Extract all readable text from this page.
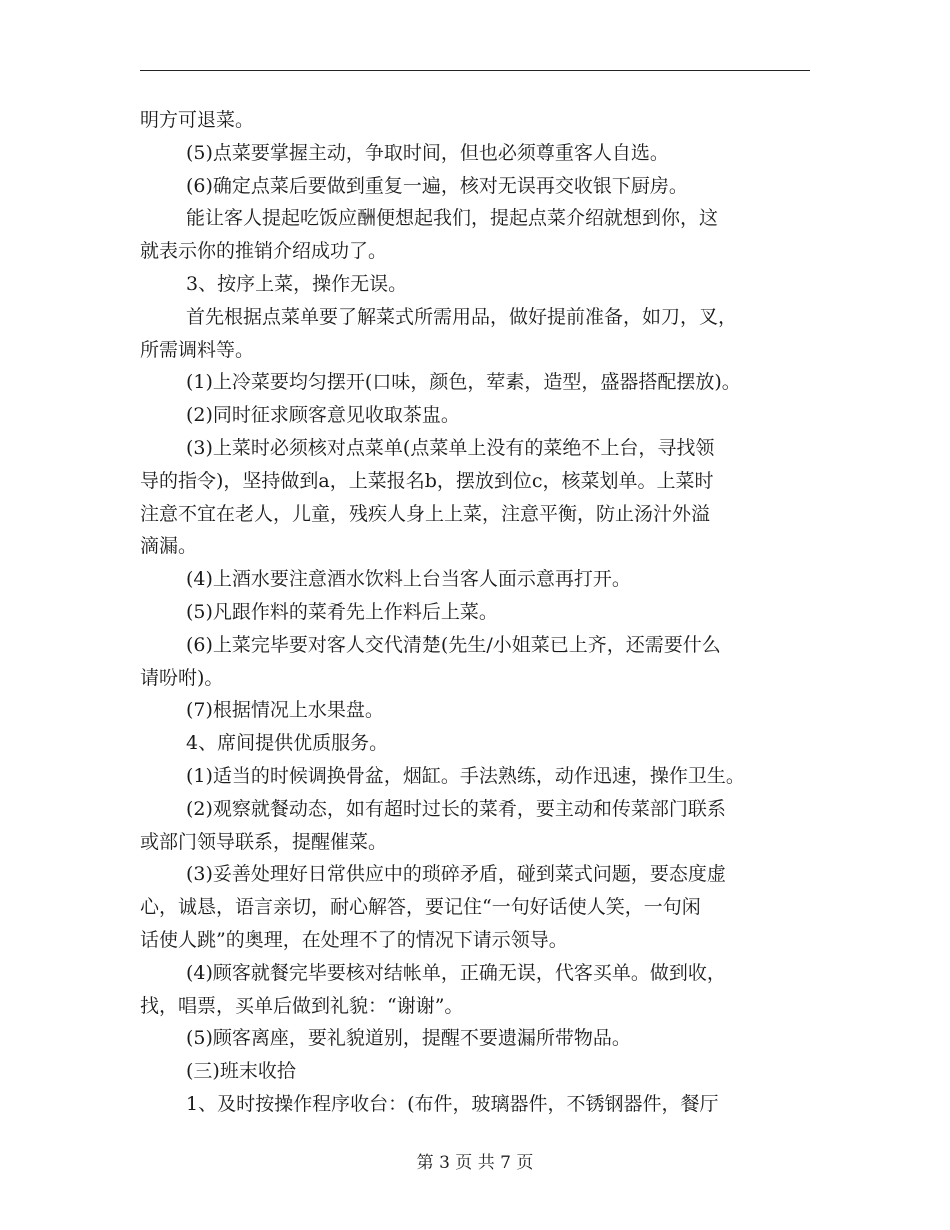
明方可退菜。
(5)点菜要掌握主动，争取时间，但也必须尊重客人自选。
(6)确定点菜后要做到重复一遍，核对无误再交收银下厨房。
能让客人提起吃饭应酬便想起我们，提起点菜介绍就想到你，这
就表示你的推销介绍成功了。
3、按序上菜，操作无误。
首先根据点菜单要了解菜式所需用品，做好提前准备，如刀，叉，
所需调料等。
(1)上冷菜要均匀摆开(口味，颜色，荤素，造型，盛器搭配摆放)。
(2)同时征求顾客意见收取茶盅。
(3)上菜时必须核对点菜单(点菜单上没有的菜绝不上台，寻找领
导的指令)，坚持做到a，上菜报名b，摆放到位c，核菜划单。上菜时
注意不宜在老人，儿童，残疾人身上上菜，注意平衡，防止汤汁外溢
滴漏。
(4)上酒水要注意酒水饮料上台当客人面示意再打开。
(5)凡跟作料的菜肴先上作料后上菜。
(6)上菜完毕要对客人交代清楚(先生/小姐菜已上齐，还需要什么
请吩咐)。
(7)根据情况上水果盘。
4、席间提供优质服务。
(1)适当的时候调换骨盆，烟缸。手法熟练，动作迅速，操作卫生。
(2)观察就餐动态，如有超时过长的菜肴，要主动和传菜部门联系
或部门领导联系，提醒催菜。
(3)妥善处理好日常供应中的琐碎矛盾，碰到菜式问题，要态度虚
心，诚恳，语言亲切，耐心解答，要记住“一句好话使人笑，一句闲
话使人跳”的奥理，在处理不了的情况下请示领导。
(4)顾客就餐完毕要核对结帐单，正确无误，代客买单。做到收，
找，唱票，买单后做到礼貌：“谢谢”。
(5)顾客离座，要礼貌道别，提醒不要遗漏所带物品。
(三)班末收拾
1、及时按操作程序收台：(布件，玻璃器件，不锈钢器件，餐厅
第 3 页 共 7 页
